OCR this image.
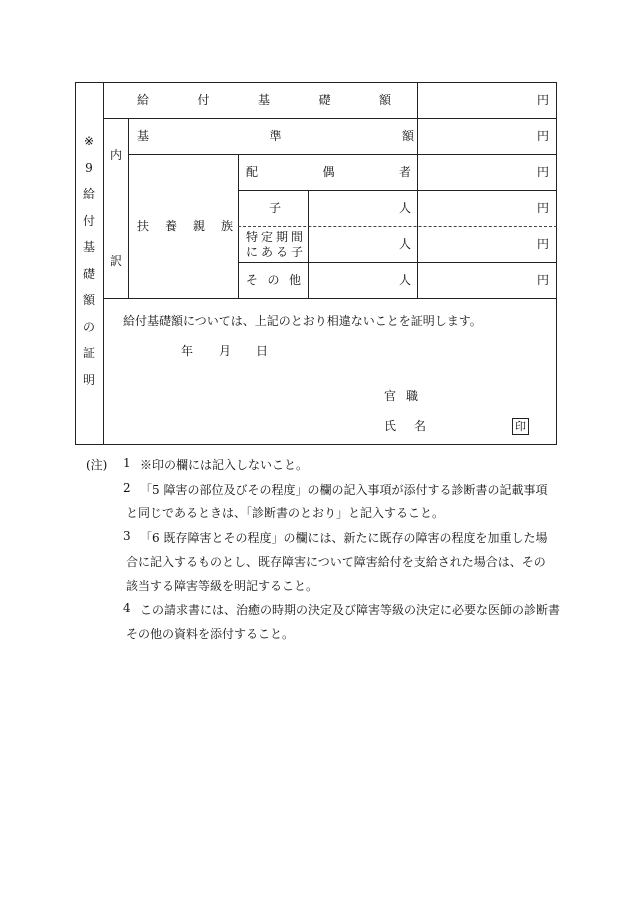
※
9
給
付
基
礎
額
の
証
明
内
訳
給	付	基	礎	額	円
基	準	額	円
扶 養 親 族
配	偶	者	円
子	人	円
特定期間
にある子
人	円
そ の 他	人	円
給付基礎額については、上記のとおり相違ないことを証明します。
年 月 日
官職
氏名	印
(注) 1 ※印の欄には記入しないこと。
2 「5 障害の部位及びその程度」の欄の記入事項が添付する診断書の記載事項
と同じであるときは、「診断書のとおり」と記入すること。
3 「6 既存障害とその程度」の欄には、新たに既存の障害の程度を加重した場
合に記入するものとし、既存障害について障害給付を支給された場合は、その
該当する障害等級を明記すること。
4 この請求書には、治癒の時期の決定及び障害等級の決定に必要な医師の診断書
その他の資料を添付すること。
